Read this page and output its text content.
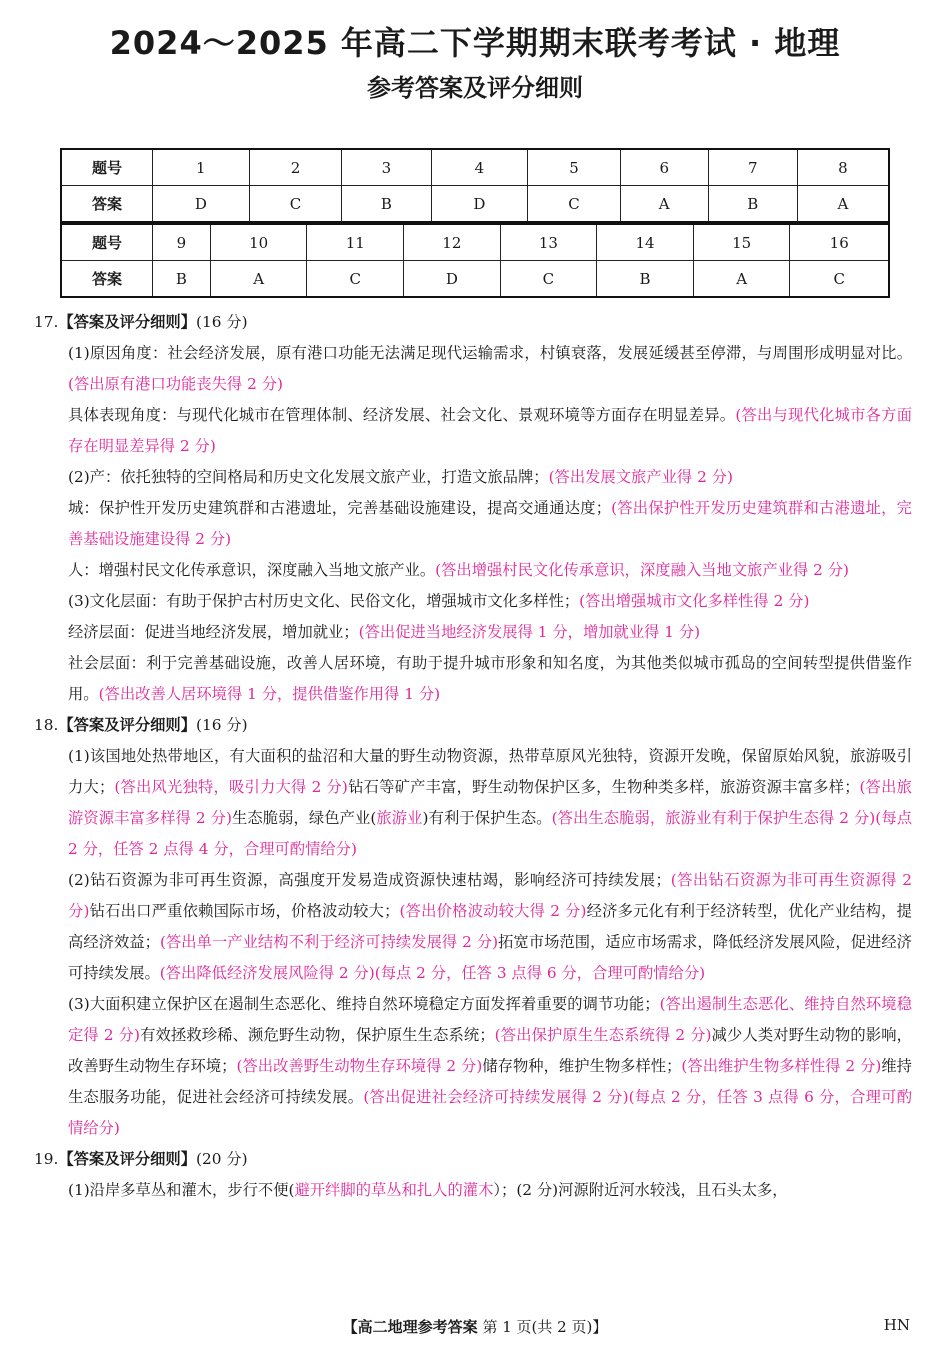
2024～2025 年高二下学期期末联考考试 · 地理
参考答案及评分细则
题号	1	2	3	4	5	6	7	8
答案	D	C	B	D	C	A	B	A
题号	9	10	11	12	13	14	15	16
答案	B	A	C	D	C	B	A	C
17.【答案及评分细则】(16 分)
(1)原因角度：社会经济发展，原有港口功能无法满足现代运输需求，村镇衰落，发展延缓甚至停滞，与周围形成明显对比。(答出原有港口功能丧失得 2 分)
具体表现角度：与现代化城市在管理体制、经济发展、社会文化、景观环境等方面存在明显差异。(答出与现代化城市各方面存在明显差异得 2 分)
(2)产：依托独特的空间格局和历史文化发展文旅产业，打造文旅品牌；(答出发展文旅产业得 2 分)
城：保护性开发历史建筑群和古港遗址，完善基础设施建设，提高交通通达度；(答出保护性开发历史建筑群和古港遗址，完善基础设施建设得 2 分)
人：增强村民文化传承意识，深度融入当地文旅产业。(答出增强村民文化传承意识，深度融入当地文旅产业得 2 分)
(3)文化层面：有助于保护古村历史文化、民俗文化，增强城市文化多样性；(答出增强城市文化多样性得 2 分)
经济层面：促进当地经济发展，增加就业；(答出促进当地经济发展得 1 分，增加就业得 1 分)
社会层面：利于完善基础设施，改善人居环境，有助于提升城市形象和知名度，为其他类似城市孤岛的空间转型提供借鉴作用。(答出改善人居环境得 1 分，提供借鉴作用得 1 分)
18.【答案及评分细则】(16 分)
(1)该国地处热带地区，有大面积的盐沼和大量的野生动物资源，热带草原风光独特，资源开发晚，保留原始风貌，旅游吸引力大；(答出风光独特，吸引力大得 2 分)钻石等矿产丰富，野生动物保护区多，生物种类多样，旅游资源丰富多样；(答出旅游资源丰富多样得 2 分)生态脆弱，绿色产业(旅游业)有利于保护生态。(答出生态脆弱，旅游业有利于保护生态得 2 分)(每点 2 分，任答 2 点得 4 分，合理可酌情给分)
(2)钻石资源为非可再生资源，高强度开发易造成资源快速枯竭，影响经济可持续发展；(答出钻石资源为非可再生资源得 2 分)钻石出口严重依赖国际市场，价格波动较大；(答出价格波动较大得 2 分)经济多元化有利于经济转型，优化产业结构，提高经济效益；(答出单一产业结构不利于经济可持续发展得 2 分)拓宽市场范围，适应市场需求，降低经济发展风险，促进经济可持续发展。(答出降低经济发展风险得 2 分)(每点 2 分，任答 3 点得 6 分，合理可酌情给分)
(3)大面积建立保护区在遏制生态恶化、维持自然环境稳定方面发挥着重要的调节功能；(答出遏制生态恶化、维持自然环境稳定得 2 分)有效拯救珍稀、濒危野生动物，保护原生生态系统；(答出保护原生生态系统得 2 分)减少人类对野生动物的影响，改善野生动物生存环境；(答出改善野生动物生存环境得 2 分)储存物种，维护生物多样性；(答出维护生物多样性得 2 分)维持生态服务功能，促进社会经济可持续发展。(答出促进社会经济可持续发展得 2 分)(每点 2 分，任答 3 点得 6 分，合理可酌情给分)
19.【答案及评分细则】(20 分)
(1)沿岸多草丛和灌木，步行不便(避开绊脚的草丛和扎人的灌木）；(2 分)河源附近河水较浅，且石头太多，
【高二地理参考答案 第 1 页(共 2 页)】	HN
